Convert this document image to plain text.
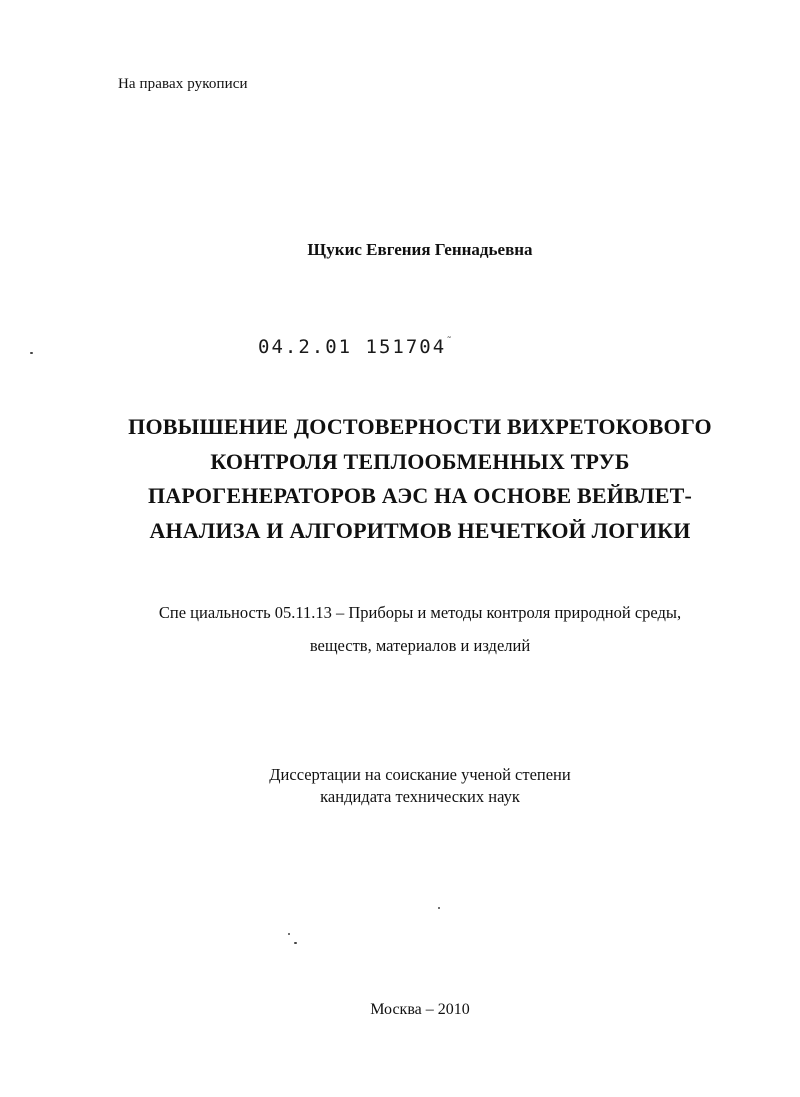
На правах рукописи
Щукис Евгения Геннадьевна
04.2.01 151704˜
ПОВЫШЕНИЕ ДОСТОВЕРНОСТИ ВИХРЕТОКОВОГО
КОНТРОЛЯ ТЕПЛООБМЕННЫХ ТРУБ
ПАРОГЕНЕРАТОРОВ АЭС НА ОСНОВЕ ВЕЙВЛЕТ-
АНАЛИЗА И АЛГОРИТМОВ НЕЧЕТКОЙ ЛОГИКИ
Спе циальность 05.11.13 – Приборы и методы контроля природной среды,
веществ, материалов и изделий
Диссертации на соискание ученой степени
кандидата технических наук
Москва – 2010
